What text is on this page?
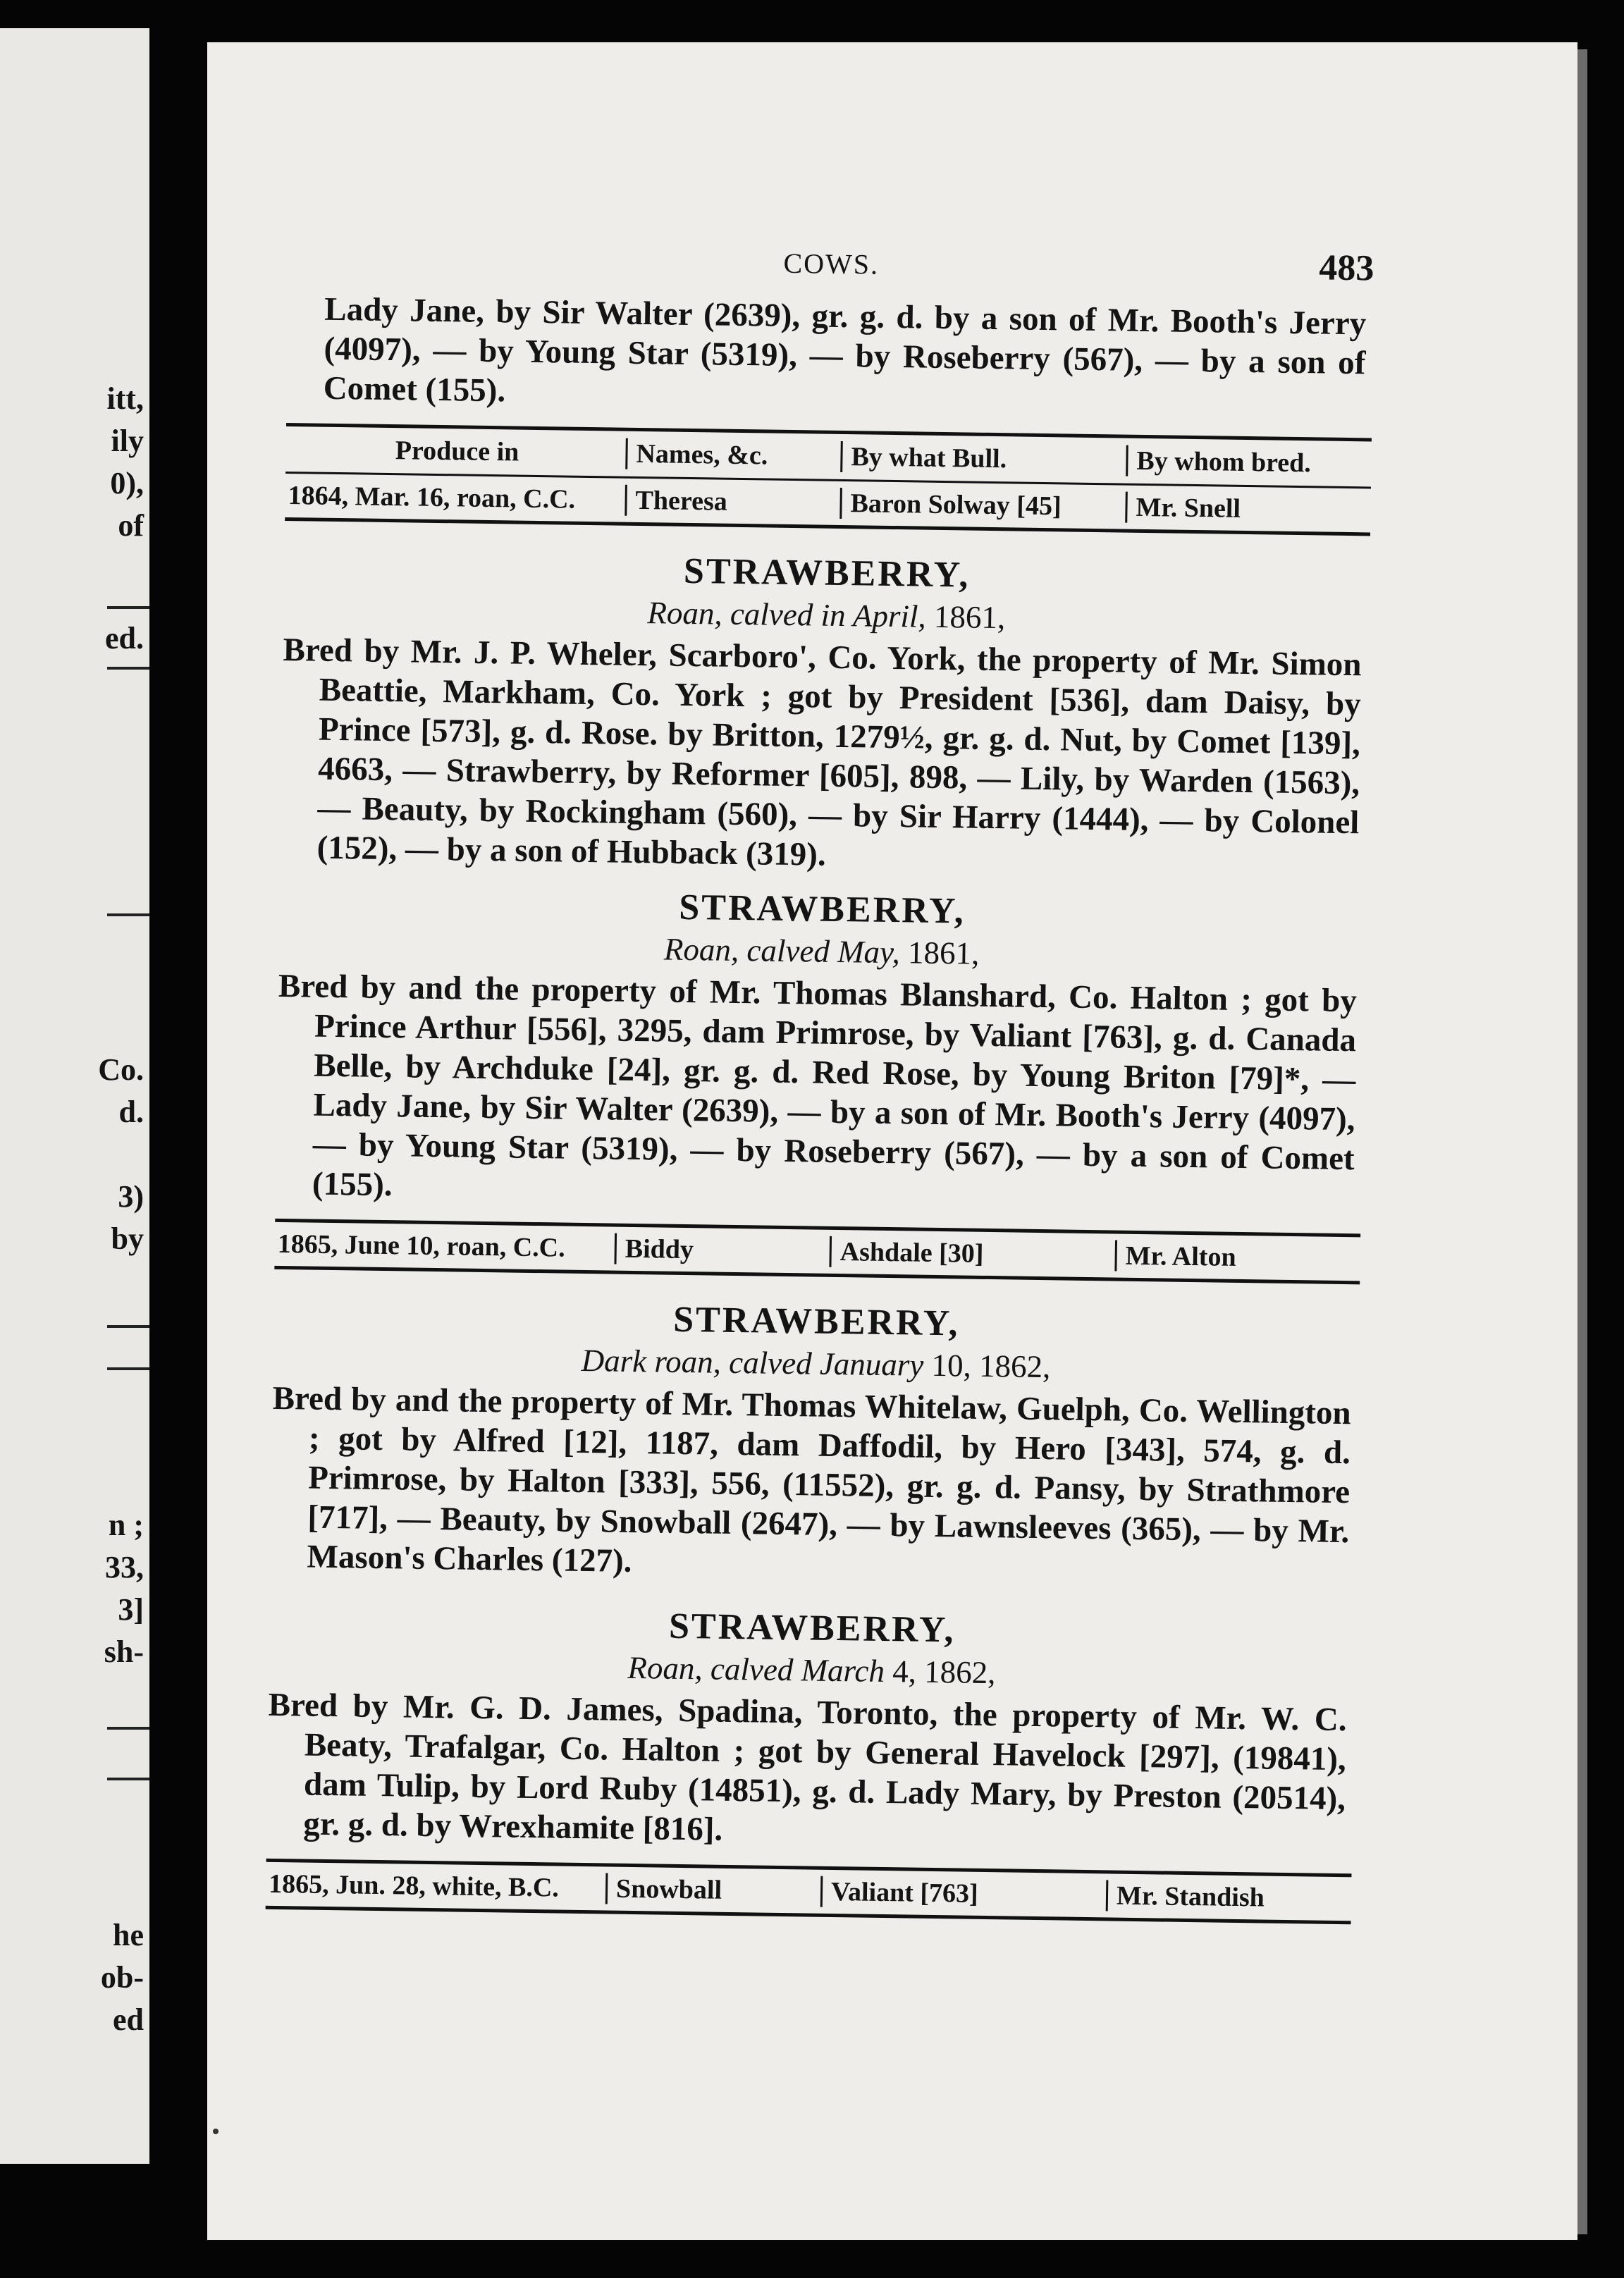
itt,
ily
0),
of
ed.
Co.
d.
3)
by
n ;
33,
3]
sh-
he
ob-
ed
COWS.	483

Lady Jane, by Sir Walter (2639), gr. g. d. by a son of Mr. Booth's Jerry (4097), — by Young Star (5319), — by Roseberry (567), — by a son of Comet (155).

Produce in	Names, &c.	By what Bull.	By whom bred.
1864, Mar. 16, roan, C.C.	Theresa	Baron Solway [45]	Mr. Snell
STRAWBERRY,
Roan, calved in April, 1861,

Bred by Mr. J. P. Wheler, Scarboro', Co. York, the property of Mr. Simon Beattie, Markham, Co. York ; got by President [536], dam Daisy, by Prince [573], g. d. Rose. by Britton, 1279½, gr. g. d. Nut, by Comet [139], 4663, — Strawberry, by Reformer [605], 898, — Lily, by Warden (1563), — Beauty, by Rockingham (560), — by Sir Harry (1444), — by Colonel (152), — by a son of Hubback (319).

STRAWBERRY,
Roan, calved May, 1861,

Bred by and the property of Mr. Thomas Blanshard, Co. Halton ; got by Prince Arthur [556], 3295, dam Primrose, by Valiant [763], g. d. Canada Belle, by Archduke [24], gr. g. d. Red Rose, by Young Briton [79]*, — Lady Jane, by Sir Walter (2639), — by a son of Mr. Booth's Jerry (4097), — by Young Star (5319), — by Roseberry (567), — by a son of Comet (155).

1865, June 10, roan, C.C.	Biddy	Ashdale [30]	Mr. Alton
STRAWBERRY,
Dark roan, calved January 10, 1862,

Bred by and the property of Mr. Thomas Whitelaw, Guelph, Co. Wellington ; got by Alfred [12], 1187, dam Daffodil, by Hero [343], 574, g. d. Primrose, by Halton [333], 556, (11552), gr. g. d. Pansy, by Strathmore [717], — Beauty, by Snowball (2647), — by Lawnsleeves (365), — by Mr. Mason's Charles (127).

STRAWBERRY,
Roan, calved March 4, 1862,

Bred by Mr. G. D. James, Spadina, Toronto, the property of Mr. W. C. Beaty, Trafalgar, Co. Halton ; got by General Havelock [297], (19841), dam Tulip, by Lord Ruby (14851), g. d. Lady Mary, by Preston (20514), gr. g. d. by Wrexhamite [816].

1865, Jun. 28, white, B.C.	Snowball	Valiant [763]	Mr. Standish
